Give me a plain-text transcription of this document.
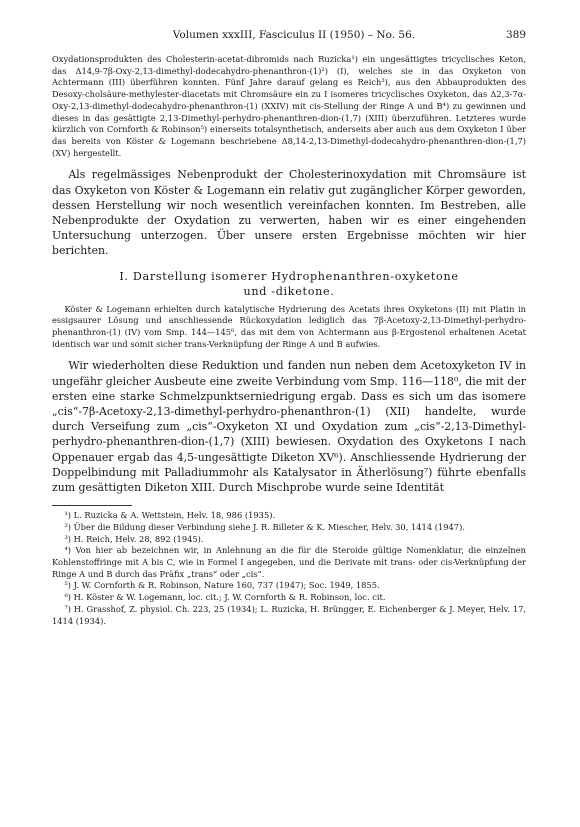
Volumen xxxIII, Fasciculus II (1950) – No. 56.	389

Oxydationsprodukten des Cholesterin-acetat-dibromids nach Ruzicka¹) ein ungesättigtes tricyclisches Keton, das Δ14,9-7β-Oxy-2,13-dimethyl-dodecahydro-phenanthron-(1)²) (I), welches sie in das Oxyketon von Achtermann (III) überführen konnten. Fünf Jahre darauf gelang es Reich³), aus den Abbauprodukten des Desoxy-cholsäure-methylester-diacetats mit Chromsäure ein zu I isomeres tricyclisches Oxyketon, das Δ2,3-7α-Oxy-2,13-dimethyl-dodecahydro-phenanthron-(1) (XXIV) mit cis-Stellung der Ringe A und B⁴) zu gewinnen und dieses in das gesättigte 2,13-Dimethyl-perhydro-phenanthren-dion-(1,7) (XIII) überzuführen. Letzteres wurde kürzlich von Cornforth & Robinson⁵) einerseits totalsynthetisch, anderseits aber auch aus dem Oxyketon I über das bereits von Köster & Logemann beschriebene Δ8,14-2,13-Dimethyl-dodecahydro-phenanthren-dion-(1,7) (XV) hergestellt.

Als regelmässiges Nebenprodukt der Cholesterinoxydation mit Chromsäure ist das Oxyketon von Köster & Logemann ein relativ gut zugänglicher Körper geworden, dessen Herstellung wir noch wesentlich vereinfachen konnten. Im Bestreben, alle Nebenprodukte der Oxydation zu verwerten, haben wir es einer eingehenden Untersuchung unterzogen. Über unsere ersten Ergebnisse möchten wir hier berichten.

I. Darstellung isomerer Hydrophenanthren-oxyketone
und -diketone.

Köster & Logemann erhielten durch katalytische Hydrierung des Acetats ihres Oxyketons (II) mit Platin in essigsaurer Lösung und anschliessende Rückoxydation lediglich das 7β-Acetoxy-2,13-Dimethyl-perhydro-phenanthron-(1) (IV) vom Smp. 144—145⁰, das mit dem von Achtermann aus β-Ergostenol erhaltenen Acetat identisch war und somit sicher trans-Verknüpfung der Ringe A und B aufwies.

Wir wiederholten diese Reduktion und fanden nun neben dem Acetoxyketon IV in ungefähr gleicher Ausbeute eine zweite Verbindung vom Smp. 116—118⁰, die mit der ersten eine starke Schmelzpunktserniedrigung ergab. Dass es sich um das isomere „cis“-7β-Acetoxy-2,13-dimethyl-perhydro-phenanthron-(1) (XII) handelte, wurde durch Verseifung zum „cis“-Oxyketon XI und Oxydation zum „cis“-2,13-Dimethyl-perhydro-phenanthren-dion-(1,7) (XIII) bewiesen. Oxydation des Oxyketons I nach Oppenauer ergab das 4,5-ungesättigte Diketon XV⁶). Anschliessende Hydrierung der Doppelbindung mit Palladiummohr als Katalysator in Ätherlösung⁷) führte ebenfalls zum gesättigten Diketon XIII. Durch Mischprobe wurde seine Identität

¹) L. Ruzicka & A. Wettstein, Helv. 18, 986 (1935).

²) Über die Bildung dieser Verbindung siehe J. R. Billeter & K. Miescher, Helv. 30, 1414 (1947).

³) H. Reich, Helv. 28, 892 (1945).

⁴) Von hier ab bezeichnen wir, in Anlehnung an die für die Steroide gültige Nomenklatur, die einzelnen Kohlenstoffringe mit A bis C, wie in Formel I angegeben, und die Derivate mit trans- oder cis-Verknüpfung der Ringe A und B durch das Präfix „trans“ oder „cis“.

⁵) J. W. Cornforth & R. Robinson, Nature 160, 737 (1947); Soc. 1949, 1855.

⁶) H. Köster & W. Logemann, loc. cit.; J. W. Cornforth & R. Robinson, loc. cit.

⁷) H. Grasshof, Z. physiol. Ch. 223, 25 (1934); L. Ruzicka, H. Brüngger, E. Eichenberger & J. Meyer, Helv. 17, 1414 (1934).
